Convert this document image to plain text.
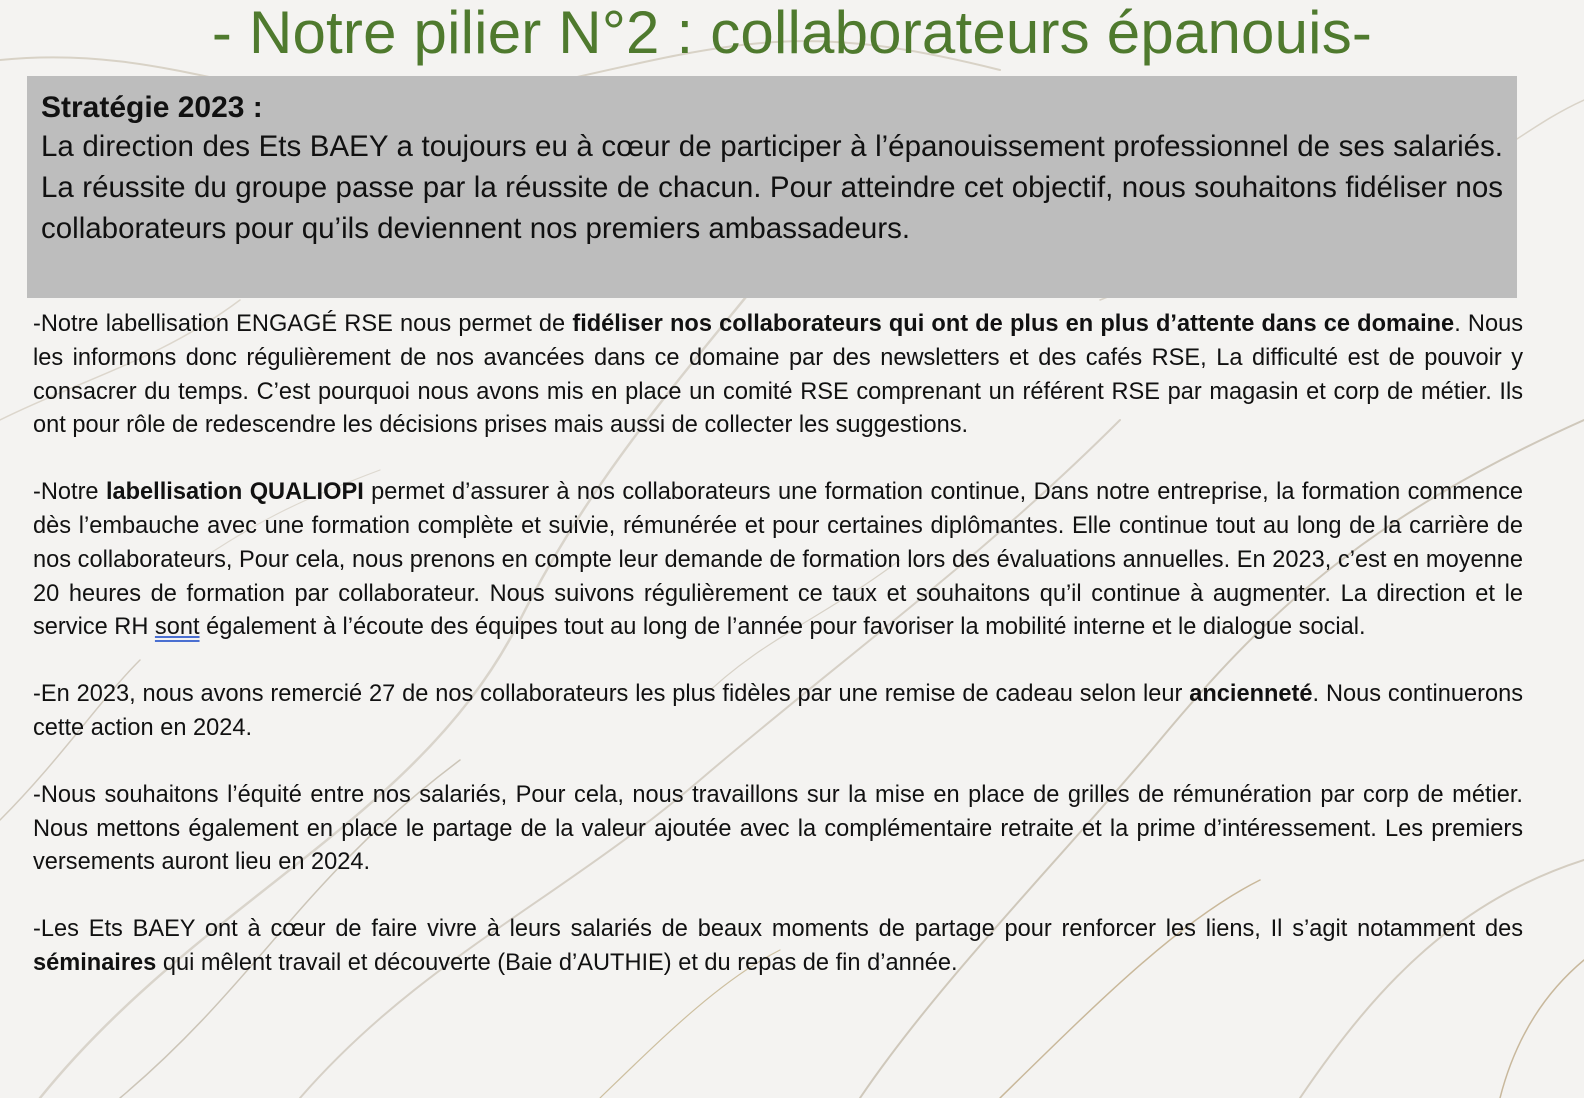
- Notre pilier N°2 : collaborateurs épanouis-
Stratégie 2023 :

La direction des Ets BAEY a toujours eu à cœur de participer à l’épanouissement professionnel de ses salariés. La réussite du groupe passe par la réussite de chacun. Pour atteindre cet objectif, nous souhaitons fidéliser nos collaborateurs pour qu’ils deviennent nos premiers ambassadeurs.

-Notre labellisation ENGAGÉ RSE nous permet de fidéliser nos collaborateurs qui ont de plus en plus d’attente dans ce domaine. Nous les informons donc régulièrement de nos avancées dans ce domaine par des newsletters et des cafés RSE, La difficulté est de pouvoir y consacrer du temps. C’est pourquoi nous avons mis en place un comité RSE comprenant un référent RSE par magasin et corp de métier. Ils ont pour rôle de redescendre les décisions prises mais aussi de collecter les suggestions.

-Notre labellisation QUALIOPI permet d’assurer à nos collaborateurs une formation continue, Dans notre entreprise, la formation commence dès l’embauche avec une formation complète et suivie, rémunérée et pour certaines diplômantes. Elle continue tout au long de la carrière de nos collaborateurs, Pour cela, nous prenons en compte leur demande de formation lors des évaluations annuelles. En 2023, c’est en moyenne 20 heures de formation par collaborateur. Nous suivons régulièrement ce taux et souhaitons qu’il continue à augmenter. La direction et le service RH sont également à l’écoute des équipes tout au long de l’année pour favoriser la mobilité interne et le dialogue social.

-En 2023, nous avons remercié 27 de nos collaborateurs les plus fidèles par une remise de cadeau selon leur ancienneté. Nous continuerons cette action en 2024.

-Nous souhaitons l’équité entre nos salariés, Pour cela, nous travaillons sur la mise en place de grilles de rémunération par corp de métier. Nous mettons également en place le partage de la valeur ajoutée avec la complémentaire retraite et la prime d’intéressement. Les premiers versements auront lieu en 2024.

-Les Ets BAEY ont à cœur de faire vivre à leurs salariés de beaux moments de partage pour renforcer les liens, Il s’agit notamment des séminaires qui mêlent travail et découverte (Baie d’AUTHIE) et du repas de fin d’année.
